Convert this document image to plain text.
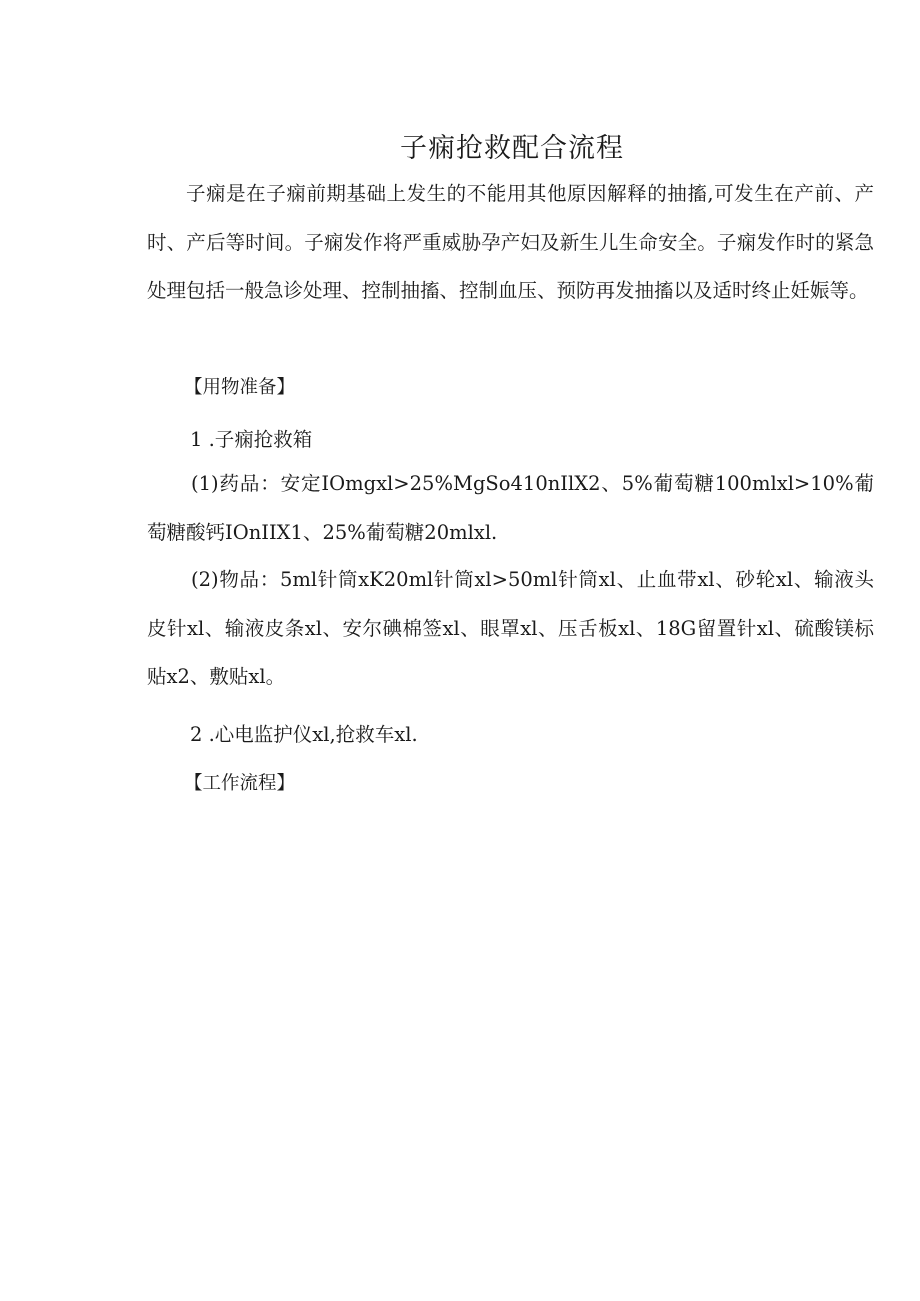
子痫抢救配合流程
子痫是在子痫前期基础上发生的不能用其他原因解释的抽搐,可发生在产前、产时、产后等时间。子痫发作将严重威胁孕产妇及新生儿生命安全。子痫发作时的紧急处理包括一般急诊处理、控制抽搐、控制血压、预防再发抽搐以及适时终止妊娠等。
【用物准备】
1 .子痫抢救箱
(1)药品：安定IOmgxl>25%MgSo410nIlX2、5%葡萄糖100mlxl>10%葡萄糖酸钙IOnIIX1、25%葡萄糖20mlxl.
(2)物品：5ml针筒xK20ml针筒xl>50ml针筒xl、止血带xl、砂轮xl、输液头皮针xl、输液皮条xl、安尔碘棉签xl、眼罩xl、压舌板xl、18G留置针xl、硫酸镁标贴x2、敷贴xl。
2 .心电监护仪xl,抢救车xl.
【工作流程】
